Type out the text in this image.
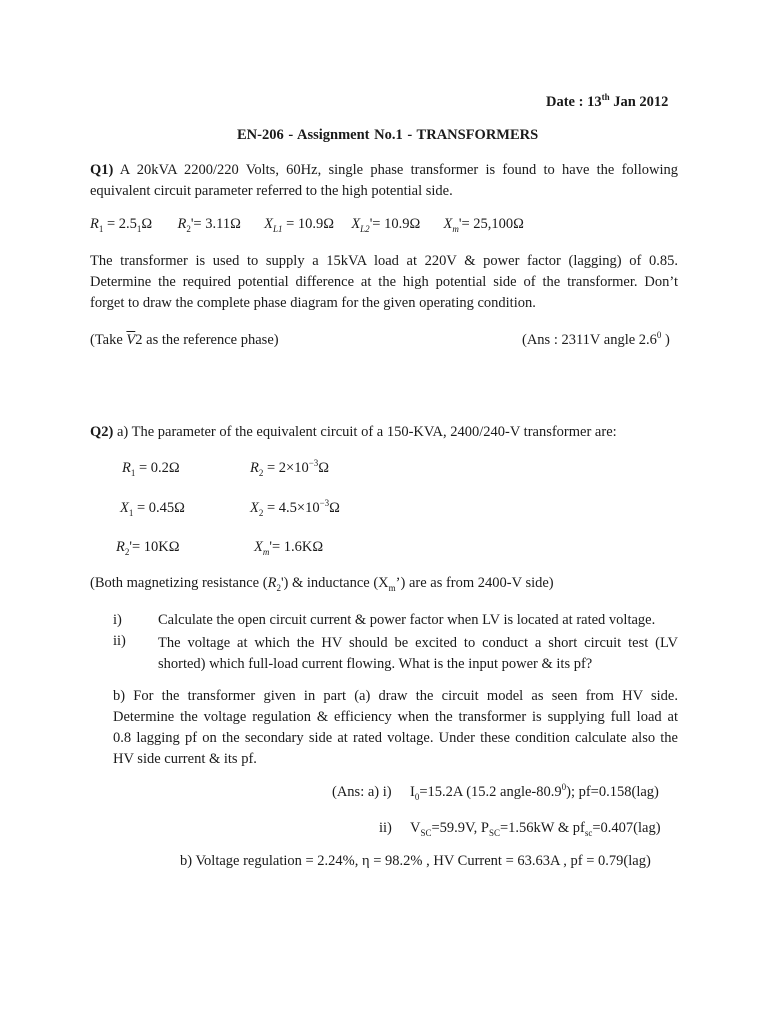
Date : 13th Jan 2012
EN-206 - Assignment No.1 - TRANSFORMERS
Q1) A 20kVA 2200/220 Volts, 60Hz, single phase transformer is found to have the following
equivalent circuit parameter referred to the high potential side.
$R_1 = 2.5_1\Omega$ $R_2'= 3.11\Omega$ $X_{L1} = 10.9\Omega$ $X_{L2}'= 10.9\Omega$ $X_m'= 25,100\Omega$
The transformer is used to supply a 15kVA load at 220V & power factor (lagging) of 0.85.
Determine the required potential difference at the high potential side of the transformer. Don’t
forget to draw the complete phase diagram for the given operating condition.
(Take $\overline{V}2$ as the reference phase)	(Ans : 2311V angle $2.6^0$ )
Q2) a) The parameter of the equivalent circuit of a 150-KVA, 2400/240-V transformer are:
$R_1 = 0.2\Omega$	$R_2 = 2\times 10^{-3}\Omega$
$X_1 = 0.45\Omega$	$X_2 = 4.5\times 10^{-3}\Omega$
$R_2'= 10K\Omega$	$X_m'= 1.6K\Omega$
(Both magnetizing resistance $(R_2')$ & inductance $(X_m’)$ are as from 2400-V side)
i) Calculate the open circuit current & power factor when LV is located at rated voltage.
ii) The voltage at which the HV should be excited to conduct a short circuit test (LV
shorted) which full-load current flowing. What is the input power & its pf?
b) For the transformer given in part (a) draw the circuit model as seen from HV side.
Determine the voltage regulation & efficiency when the transformer is supplying full load at
0.8 lagging pf on the secondary side at rated voltage. Under these condition calculate also the
HV side current & its pf.
(Ans: a) i) $I_0=15.2A$ (15.2 angle-80.9$^0$); pf=0.158(lag)
ii) $V_{SC}=59.9V$, $P_{SC}=1.56kW$ & $pf_{sc}=0.407(lag)$
b) Voltage regulation = 2.24%, η = 98.2% , HV Current = 63.63A , pf = 0.79(lag)
